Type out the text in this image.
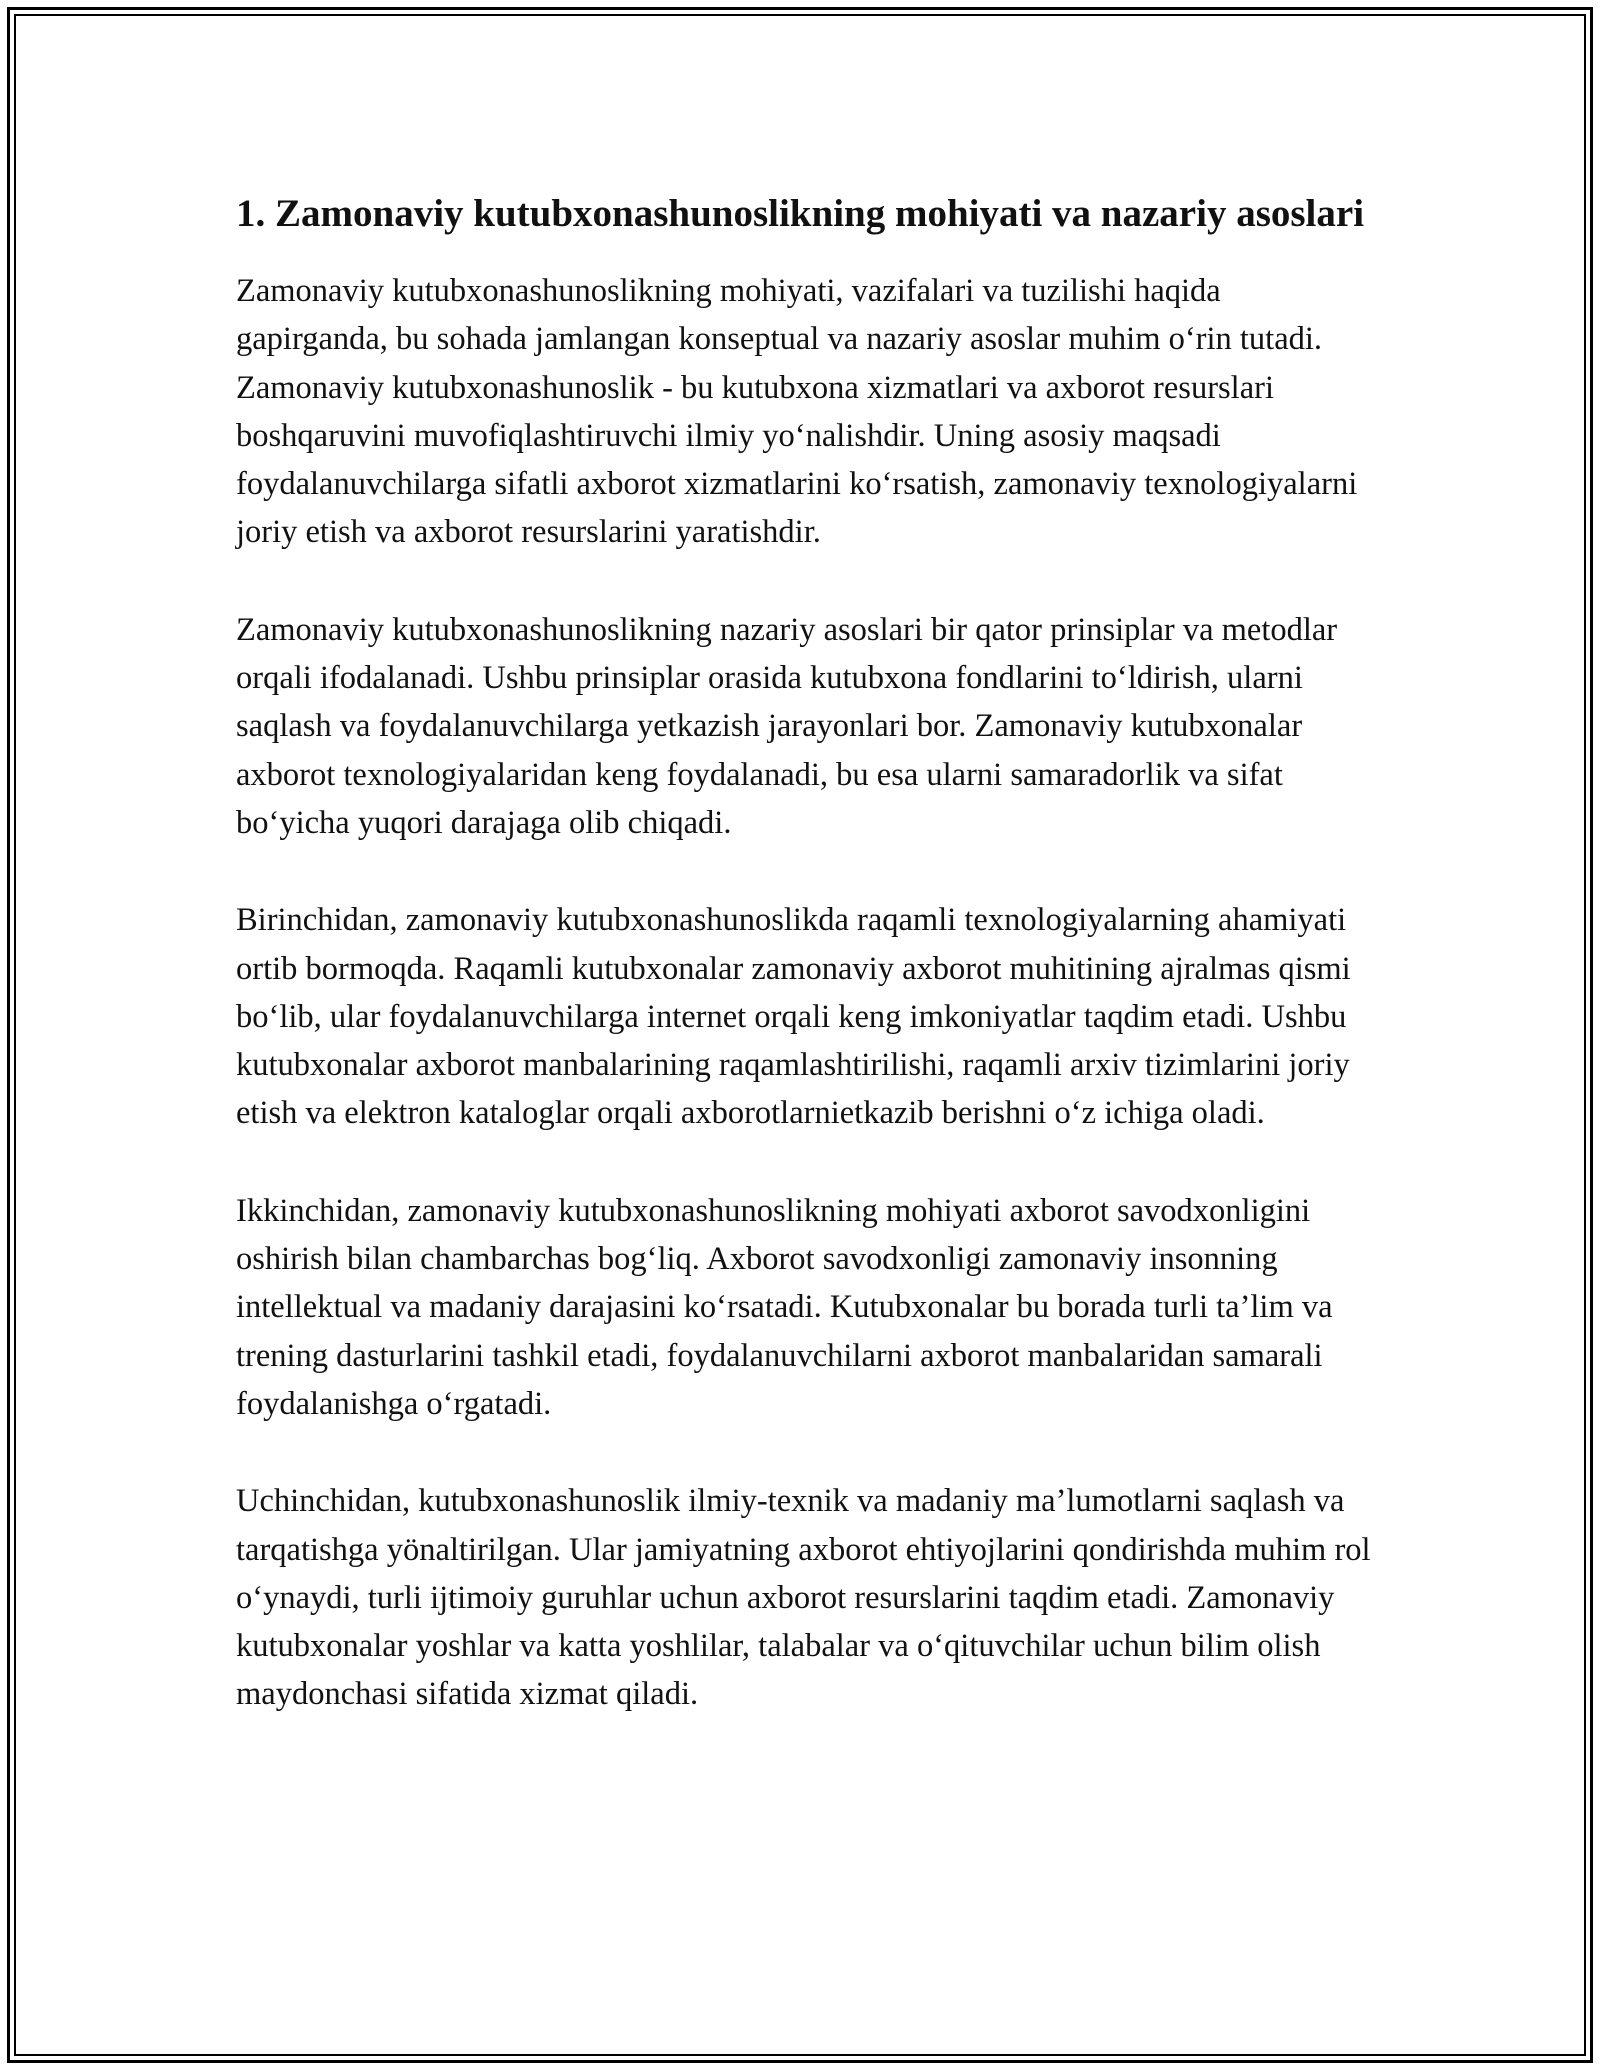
1. Zamonaviy kutubxonashunoslikning mohiyati va nazariy asoslari

Zamonaviy kutubxonashunoslikning mohiyati, vazifalari va tuzilishi haqida gapirganda, bu sohada jamlangan konseptual va nazariy asoslar muhim o‘rin tutadi. Zamonaviy kutubxonashunoslik - bu kutubxona xizmatlari va axborot resurslari boshqaruvini muvofiqlashtiruvchi ilmiy yo‘nalishdir. Uning asosiy maqsadi foydalanuvchilarga sifatli axborot xizmatlarini ko‘rsatish, zamonaviy texnologiyalarni joriy etish va axborot resurslarini yaratishdir.

Zamonaviy kutubxonashunoslikning nazariy asoslari bir qator prinsiplar va metodlar orqali ifodalanadi. Ushbu prinsiplar orasida kutubxona fondlarini to‘ldirish, ularni saqlash va foydalanuvchilarga yetkazish jarayonlari bor. Zamonaviy kutubxonalar axborot texnologiyalaridan keng foydalanadi, bu esa ularni samaradorlik va sifat bo‘yicha yuqori darajaga olib chiqadi.

Birinchidan, zamonaviy kutubxonashunoslikda raqamli texnologiyalarning ahamiyati ortib bormoqda. Raqamli kutubxonalar zamonaviy axborot muhitining ajralmas qismi bo‘lib, ular foydalanuvchilarga internet orqali keng imkoniyatlar taqdim etadi. Ushbu kutubxonalar axborot manbalarining raqamlashtirilishi, raqamli arxiv tizimlarini joriy etish va elektron kataloglar orqali axborotlarnietkazib berishni o‘z ichiga oladi.

Ikkinchidan, zamonaviy kutubxonashunoslikning mohiyati axborot savodxonligini oshirish bilan chambarchas bog‘liq. Axborot savodxonligi zamonaviy insonning intellektual va madaniy darajasini ko‘rsatadi. Kutubxonalar bu borada turli ta’lim va trening dasturlarini tashkil etadi, foydalanuvchilarni axborot manbalaridan samarali foydalanishga o‘rgatadi.

Uchinchidan, kutubxonashunoslik ilmiy-texnik va madaniy ma’lumotlarni saqlash va tarqatishga yönaltirilgan. Ular jamiyatning axborot ehtiyojlarini qondirishda muhim rol o‘ynaydi, turli ijtimoiy guruhlar uchun axborot resurslarini taqdim etadi. Zamonaviy kutubxonalar yoshlar va katta yoshlilar, talabalar va o‘qituvchilar uchun bilim olish maydonchasi sifatida xizmat qiladi.
